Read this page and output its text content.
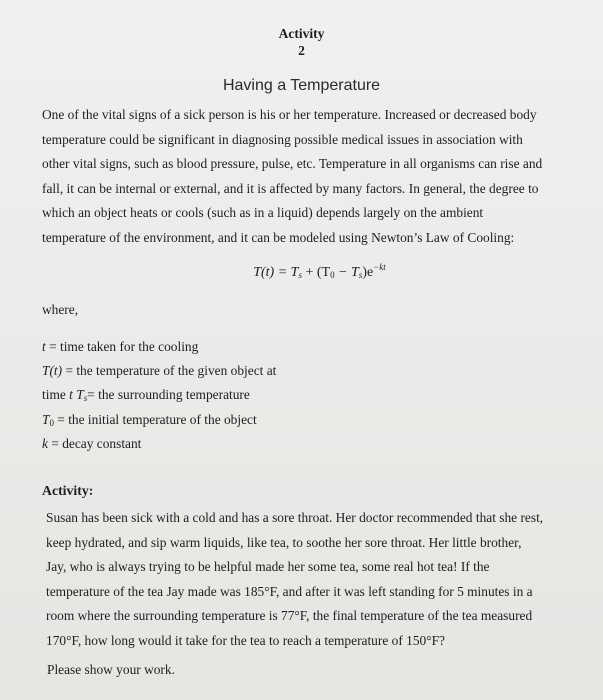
Activity
2
Having a Temperature
One of the vital signs of a sick person is his or her temperature. Increased or decreased body
temperature could be significant in diagnosing possible medical issues in association with
other vital signs, such as blood pressure, pulse, etc. Temperature in all organisms can rise and
fall, it can be internal or external, and it is affected by many factors. In general, the degree to
which an object heats or cools (such as in a liquid) depends largely on the ambient
temperature of the environment, and it can be modeled using Newton’s Law of Cooling:
$T(t) = T_s + (T_0 - T_s)e^{-kt}$
where,
t = time taken for the cooling
T(t) = the temperature of the given object at
time t $T_s=$ the surrounding temperature
$T_0$ = the initial temperature of the object
k = decay constant
Activity:
Susan has been sick with a cold and has a sore throat. Her doctor recommended that she rest,
keep hydrated, and sip warm liquids, like tea, to soothe her sore throat. Her little brother,
Jay, who is always trying to be helpful made her some tea, some real hot tea! If the
temperature of the tea Jay made was 185°F, and after it was left standing for 5 minutes in a
room where the surrounding temperature is 77°F, the final temperature of the tea measured
170°F, how long would it take for the tea to reach a temperature of 150°F?
Please show your work.
